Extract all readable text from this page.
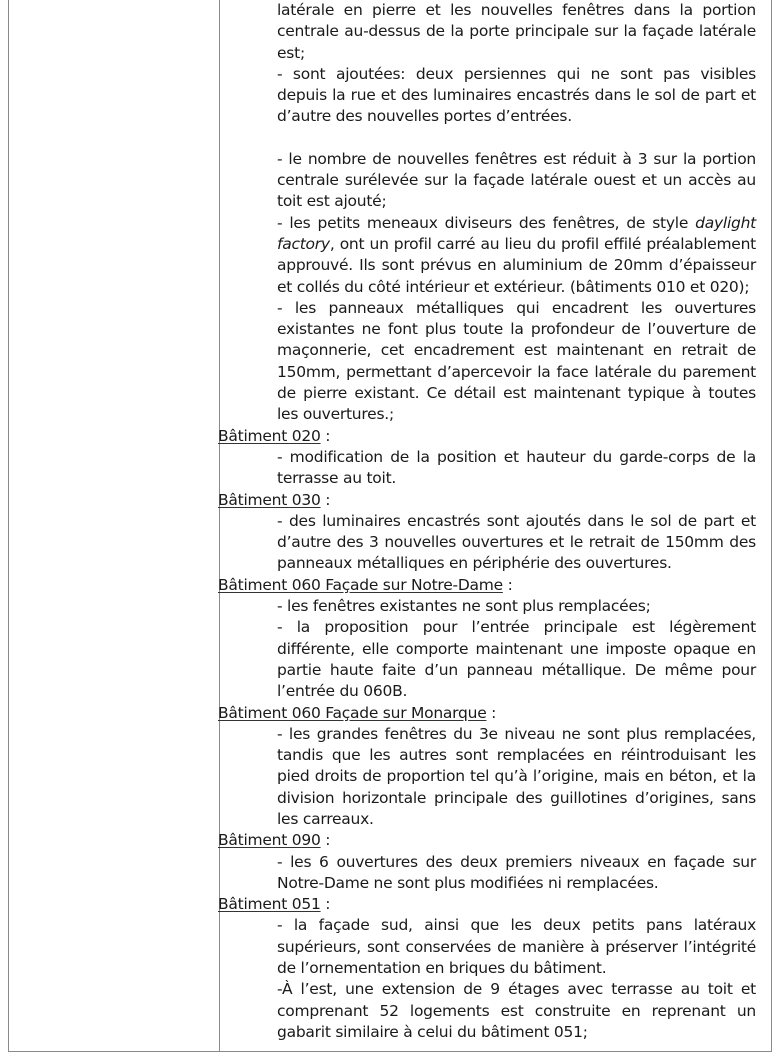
latérale en pierre et les nouvelles fenêtres dans la portion centrale au-dessus de la porte principale sur la façade latérale est;
- sont ajoutées: deux persiennes qui ne sont pas visibles depuis la rue et des luminaires encastrés dans le sol de part et d’autre des nouvelles portes d’entrées.
- le nombre de nouvelles fenêtres est réduit à 3 sur la portion centrale surélevée sur la façade latérale ouest et un accès au toit est ajouté;
- les petits meneaux diviseurs des fenêtres, de style daylight factory, ont un profil carré au lieu du profil effilé préalablement approuvé. Ils sont prévus en aluminium de 20mm d’épaisseur et collés du côté intérieur et extérieur. (bâtiments 010 et 020);
- les panneaux métalliques qui encadrent les ouvertures existantes ne font plus toute la profondeur de l’ouverture de maçonnerie, cet encadrement est maintenant en retrait de 150mm, permettant d’apercevoir la face latérale du parement de pierre existant. Ce détail est maintenant typique à toutes les ouvertures.;
Bâtiment 020 :
- modification de la position et hauteur du garde-corps de la terrasse au toit.
Bâtiment 030 :
- des luminaires encastrés sont ajoutés dans le sol de part et d’autre des 3 nouvelles ouvertures et le retrait de 150mm des panneaux métalliques en périphérie des ouvertures.
Bâtiment 060 Façade sur Notre-Dame :
- les fenêtres existantes ne sont plus remplacées;
- la proposition pour l’entrée principale est légèrement différente, elle comporte maintenant une imposte opaque en partie haute faite d’un panneau métallique. De même pour l’entrée du 060B.
Bâtiment 060 Façade sur Monarque :
- les grandes fenêtres du 3e niveau ne sont plus remplacées, tandis que les autres sont remplacées en réintroduisant les pied droits de proportion tel qu’à l’origine, mais en béton, et la division horizontale principale des guillotines d’origines, sans les carreaux.
Bâtiment 090 :
- les 6 ouvertures des deux premiers niveaux en façade sur Notre-Dame ne sont plus modifiées ni remplacées.
Bâtiment 051 :
- la façade sud, ainsi que les deux petits pans latéraux supérieurs, sont conservées de manière à préserver l’intégrité de l’ornementation en briques du bâtiment.
-À l’est, une extension de 9 étages avec terrasse au toit et comprenant 52 logements est construite en reprenant un gabarit similaire à celui du bâtiment 051;
